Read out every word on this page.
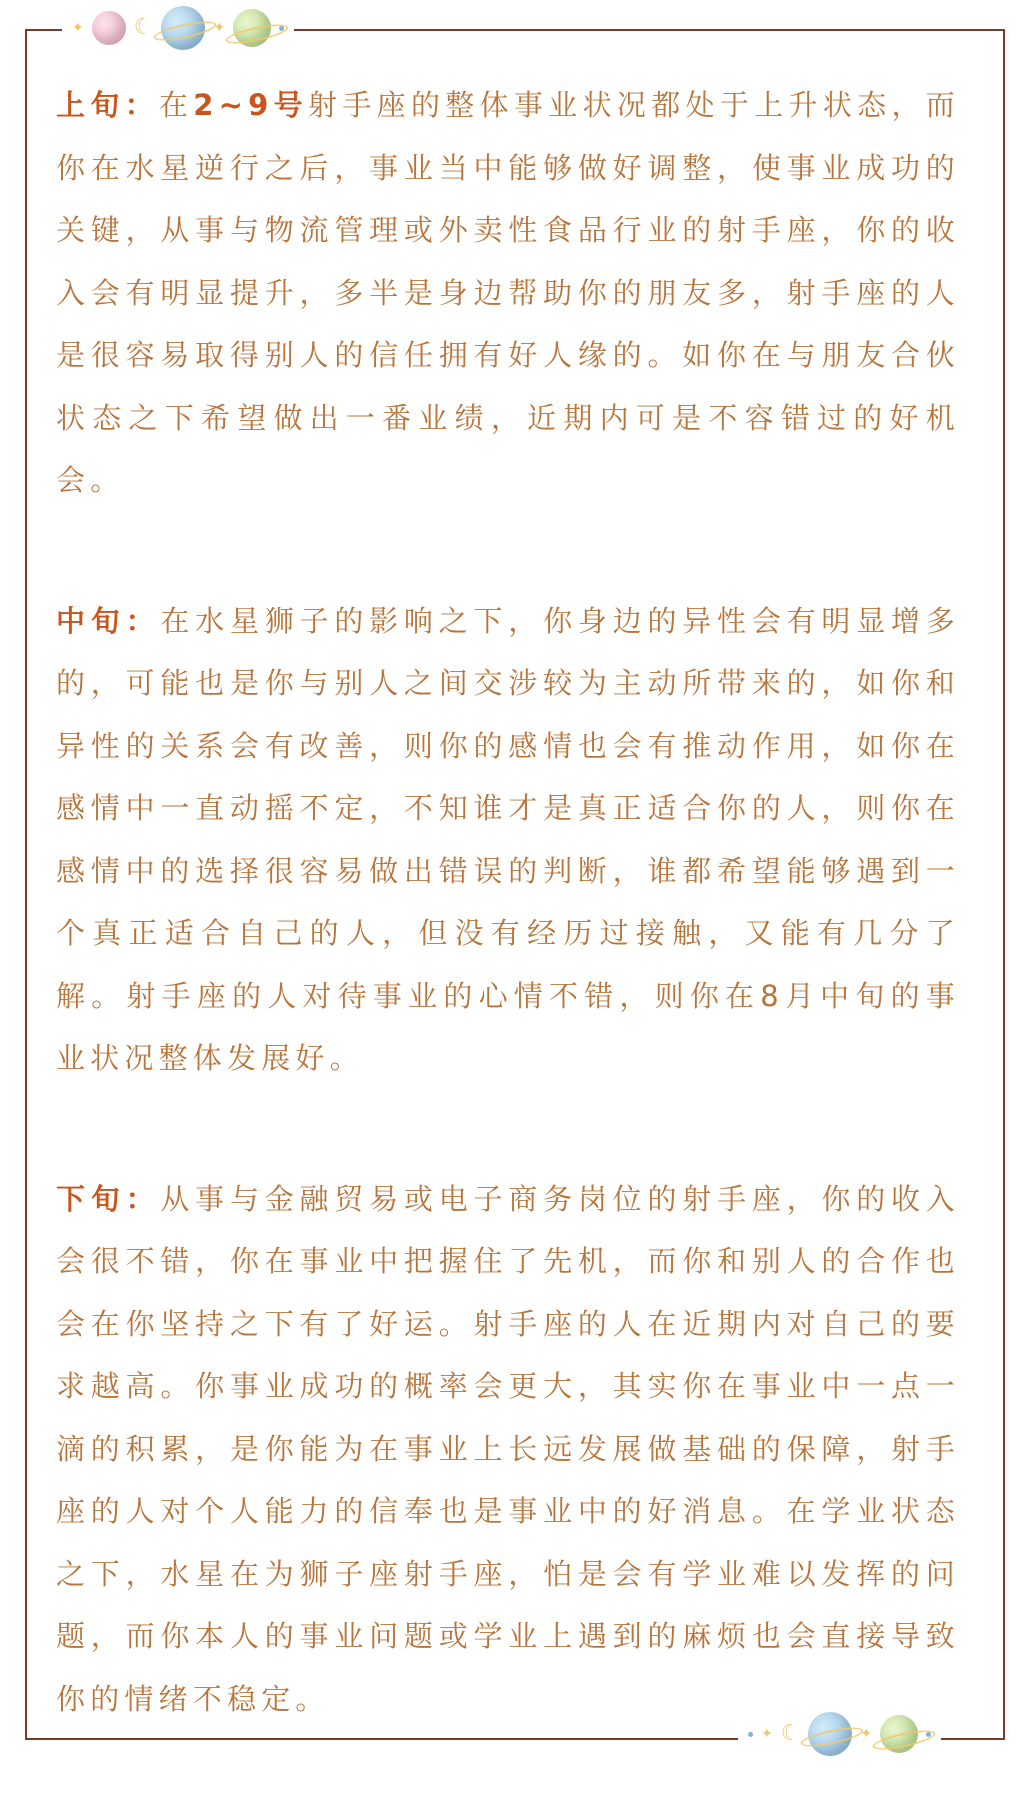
✦ ☾	✦

上旬：在2~9号射手座的整体事业状况都处于上升状态，而你在水星逆行之后，事业当中能够做好调整，使事业成功的关键，从事与物流管理或外卖性食品行业的射手座，你的收入会有明显提升，多半是身边帮助你的朋友多，射手座的人是很容易取得别人的信任拥有好人缘的。如你在与朋友合伙状态之下希望做出一番业绩，近期内可是不容错过的好机会。

中旬：在水星狮子的影响之下，你身边的异性会有明显增多的，可能也是你与别人之间交涉较为主动所带来的，如你和异性的关系会有改善，则你的感情也会有推动作用，如你在感情中一直动摇不定，不知谁才是真正适合你的人，则你在感情中的选择很容易做出错误的判断，谁都希望能够遇到一个真正适合自己的人，但没有经历过接触，又能有几分了解。射手座的人对待事业的心情不错，则你在8月中旬的事业状况整体发展好。

下旬：从事与金融贸易或电子商务岗位的射手座，你的收入会很不错，你在事业中把握住了先机，而你和别人的合作也会在你坚持之下有了好运。射手座的人在近期内对自己的要求越高。你事业成功的概率会更大，其实你在事业中一点一滴的积累，是你能为在事业上长远发展做基础的保障，射手座的人对个人能力的信奉也是事业中的好消息。在学业状态之下，水星在为狮子座射手座，怕是会有学业难以发挥的问题，而你本人的事业问题或学业上遇到的麻烦也会直接导致你的情绪不稳定。

✦ ☾	✦
